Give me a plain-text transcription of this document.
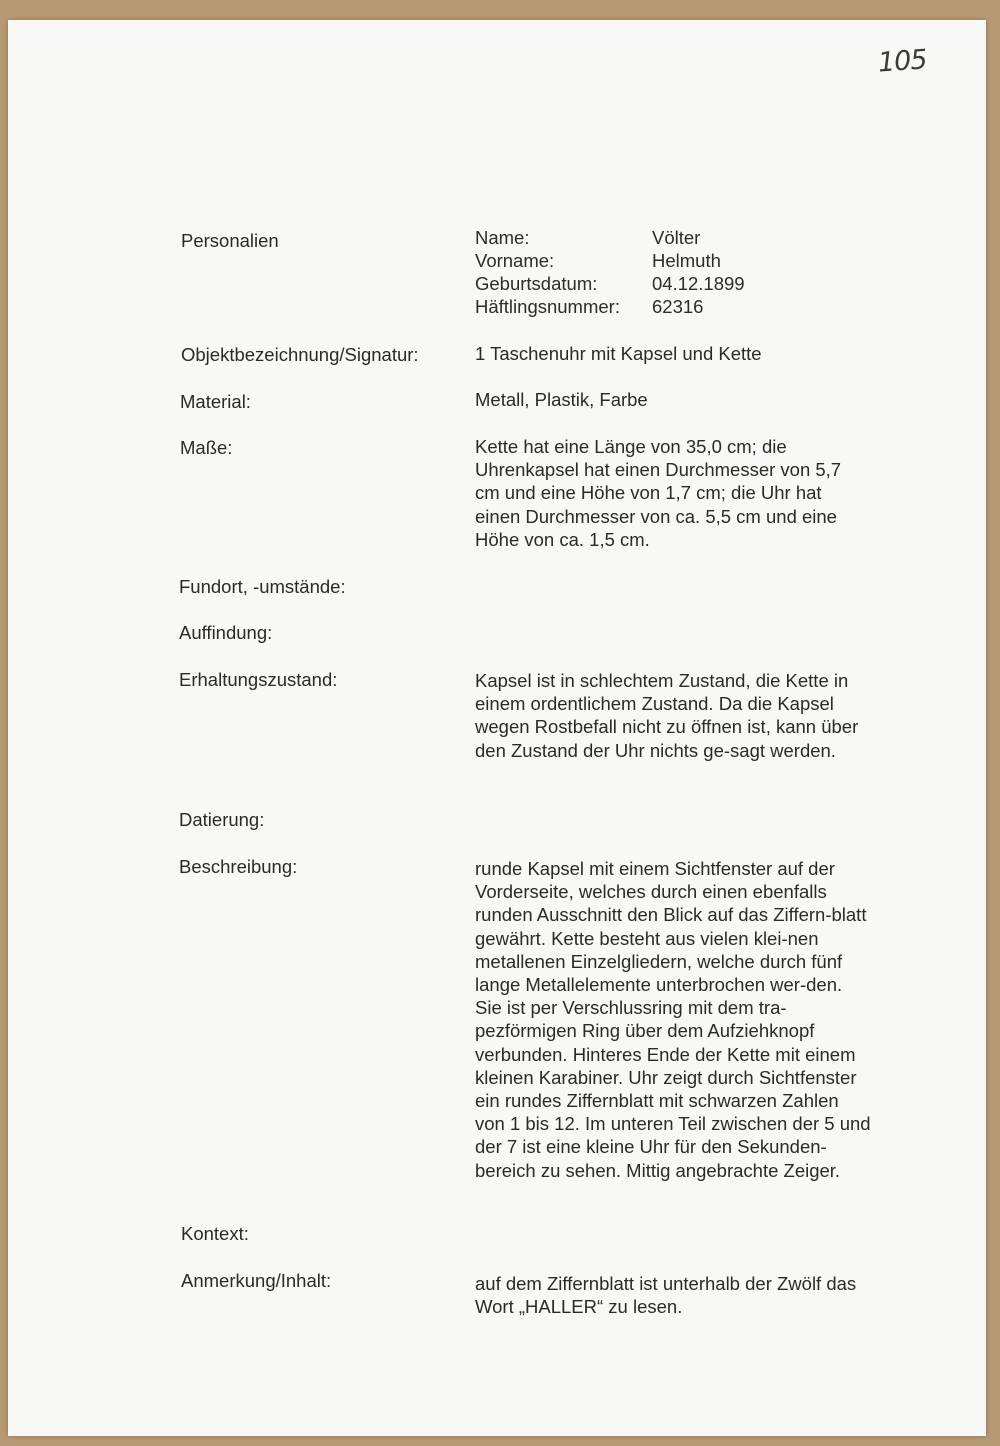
105
Personalien	Name:	Völter
Vorname:	Helmuth
Geburtsdatum:	04.12.1899
Häftlingsnummer:	62316
Objektbezeichnung/Signatur:	1 Taschenuhr mit Kapsel und Kette
Material:	Metall, Plastik, Farbe
Maße:	Kette hat eine Länge von 35,0 cm; die Uhrenkapsel hat einen Durchmesser von 5,7 cm und eine Höhe von 1,7 cm; die Uhr hat einen Durchmesser von ca. 5,5 cm und eine Höhe von ca. 1,5 cm.
Fundort, -umstände:
Auffindung:
Erhaltungszustand:	Kapsel ist in schlechtem Zustand, die Kette in einem ordentlichem Zustand. Da die Kapsel wegen Rostbefall nicht zu öffnen ist, kann über den Zustand der Uhr nichts ge-sagt werden.
Datierung:
Beschreibung:	runde Kapsel mit einem Sichtfenster auf der Vorderseite, welches durch einen ebenfalls runden Ausschnitt den Blick auf das Ziffern-blatt gewährt. Kette besteht aus vielen klei-nen metallenen Einzelgliedern, welche durch fünf lange Metallelemente unterbrochen wer-den. Sie ist per Verschlussring mit dem tra-pezförmigen Ring über dem Aufziehknopf verbunden. Hinteres Ende der Kette mit einem kleinen Karabiner. Uhr zeigt durch Sichtfenster ein rundes Ziffernblatt mit schwarzen Zahlen von 1 bis 12. Im unteren Teil zwischen der 5 und der 7 ist eine kleine Uhr für den Sekunden-bereich zu sehen. Mittig angebrachte Zeiger.
Kontext:
Anmerkung/Inhalt:	auf dem Ziffernblatt ist unterhalb der Zwölf das Wort „HALLER“ zu lesen.
